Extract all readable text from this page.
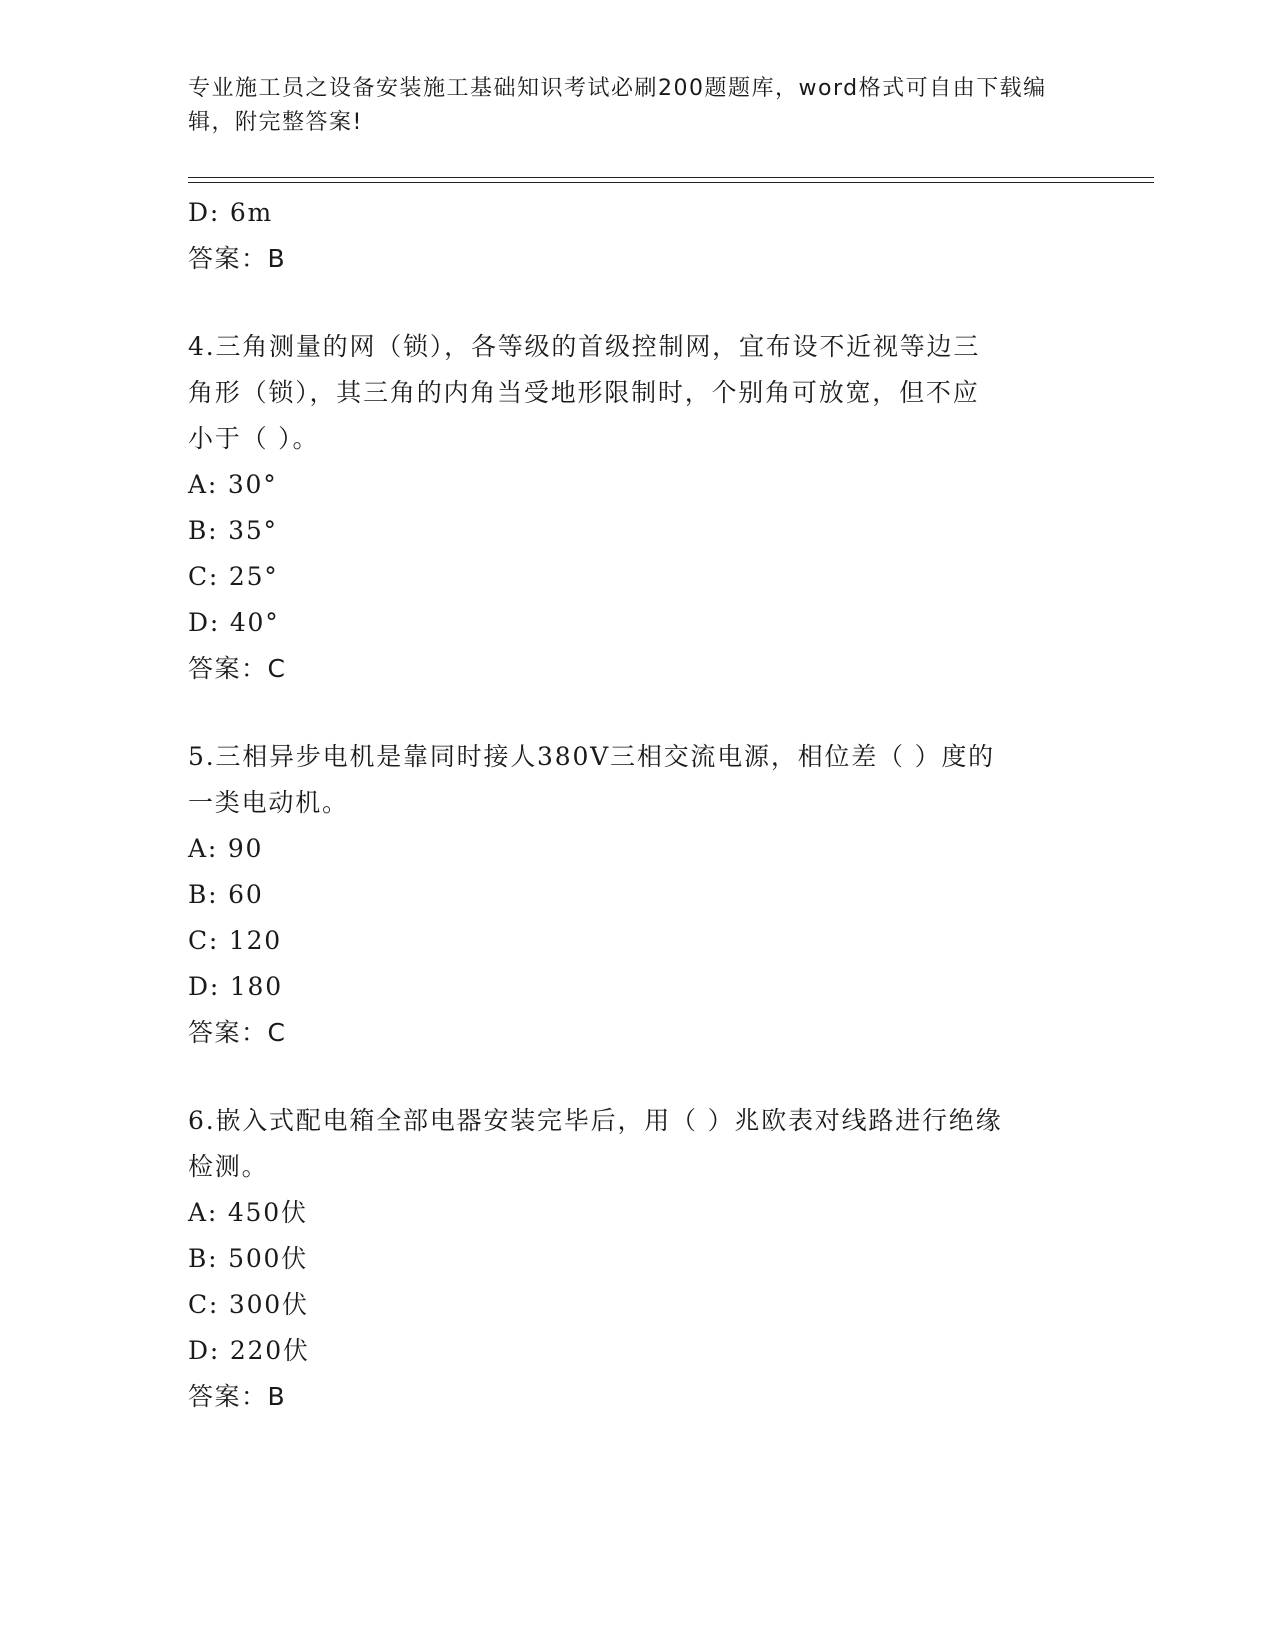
专业施工员之设备安装施工基础知识考试必刷200题题库，word格式可自由下载编辑，附完整答案!
D: 6m
答案：B
4.三角测量的网（锁），各等级的首级控制网，宜布设不近视等边三
角形（锁），其三角的内角当受地形限制时，个别角可放宽，但不应
小于（ ）。
A: 30°
B: 35°
C: 25°
D: 40°
答案：C
5.三相异步电机是靠同时接人380V三相交流电源，相位差（ ）度的
一类电动机。
A: 90
B: 60
C: 120
D: 180
答案：C
6.嵌入式配电箱全部电器安装完毕后，用（ ）兆欧表对线路进行绝缘
检测。
A: 450伏
B: 500伏
C: 300伏
D: 220伏
答案：B
